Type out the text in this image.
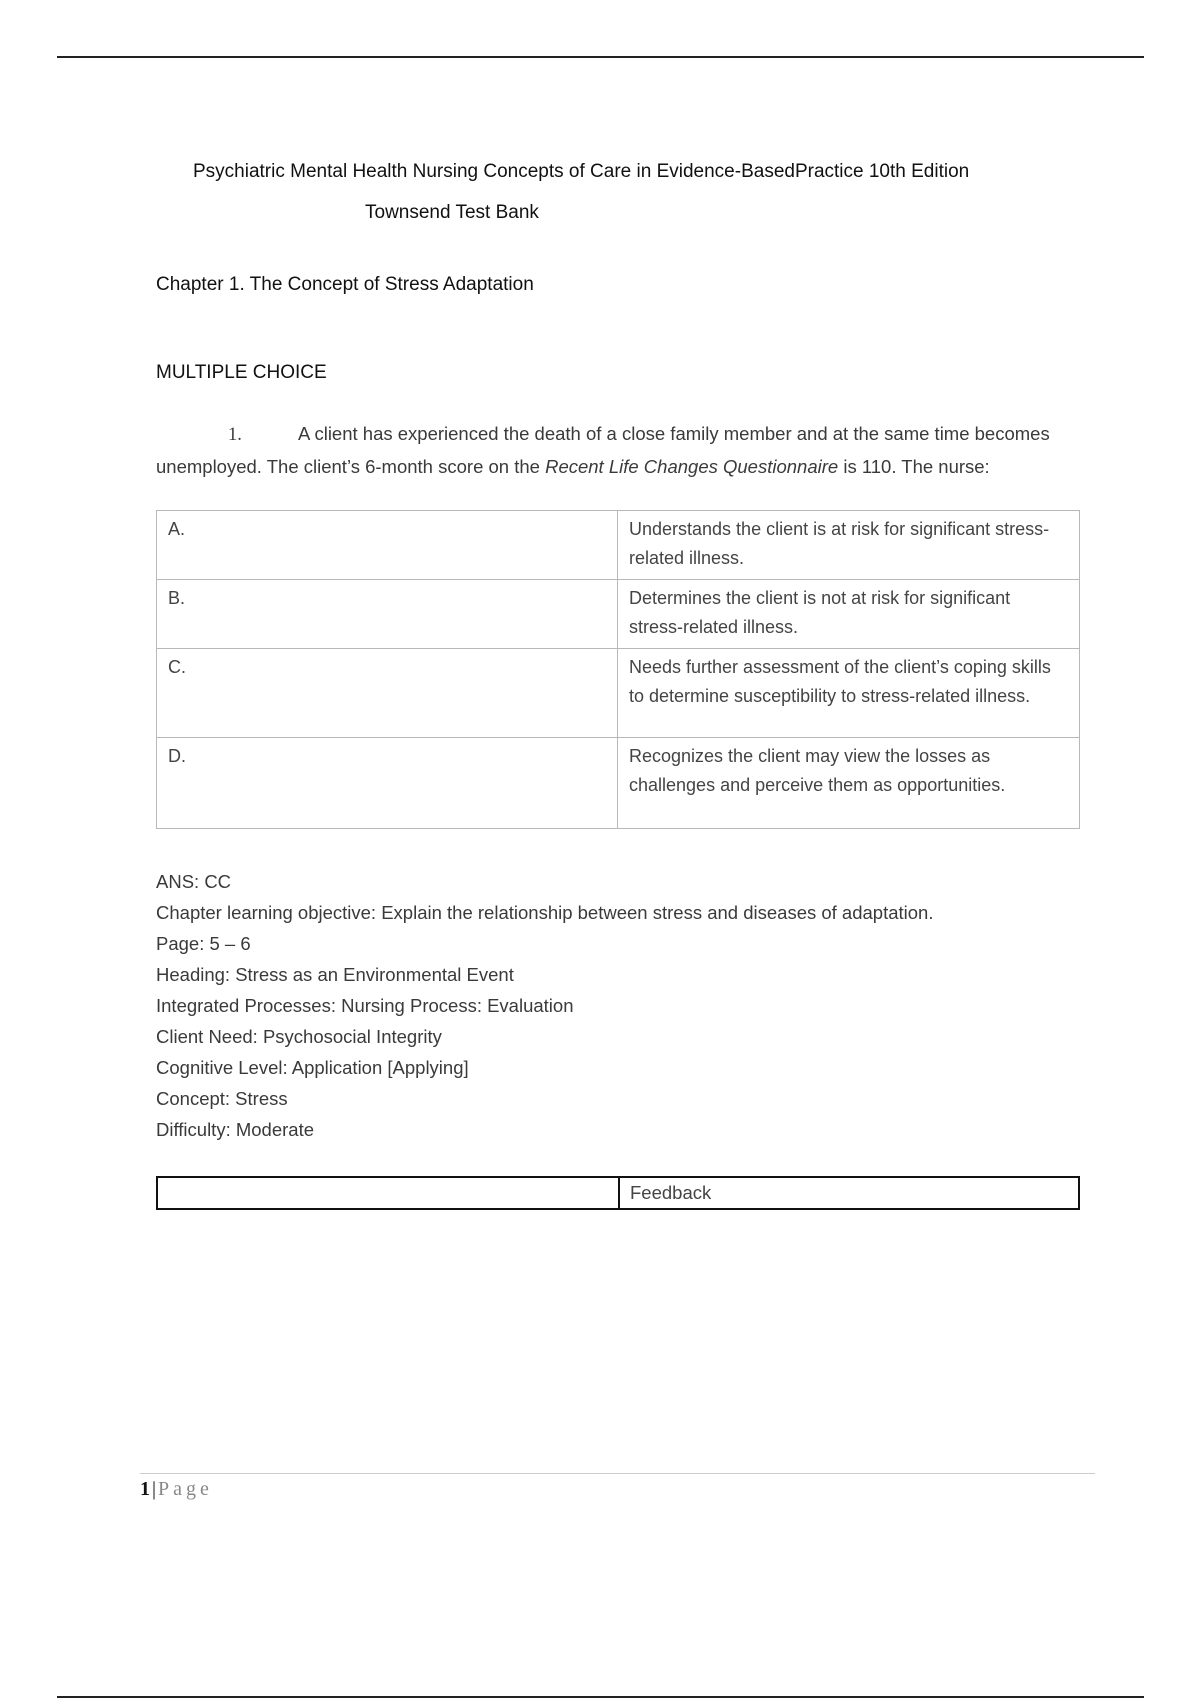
Psychiatric Mental Health Nursing Concepts of Care in Evidence-BasedPractice 10th Edition
Townsend Test Bank
Chapter 1. The Concept of Stress Adaptation
MULTIPLE CHOICE
1.	A client has experienced the death of a close family member and at the same time becomes unemployed. The client’s 6-month score on the Recent Life Changes Questionnaire is 110. The nurse:
A.	Understands the client is at risk for significant stress-related illness.
B.	Determines the client is not at risk for significant stress-related illness.
C.	Needs further assessment of the client’s coping skills to determine susceptibility to stress-related illness.
D.	Recognizes the client may view the losses as challenges and perceive them as opportunities.
ANS: CC
Chapter learning objective: Explain the relationship between stress and diseases of adaptation.
Page: 5 – 6
Heading: Stress as an Environmental Event
Integrated Processes: Nursing Process: Evaluation
Client Need: Psychosocial Integrity
Cognitive Level: Application [Applying]
Concept: Stress
Difficulty: Moderate
	Feedback
1 | Page
